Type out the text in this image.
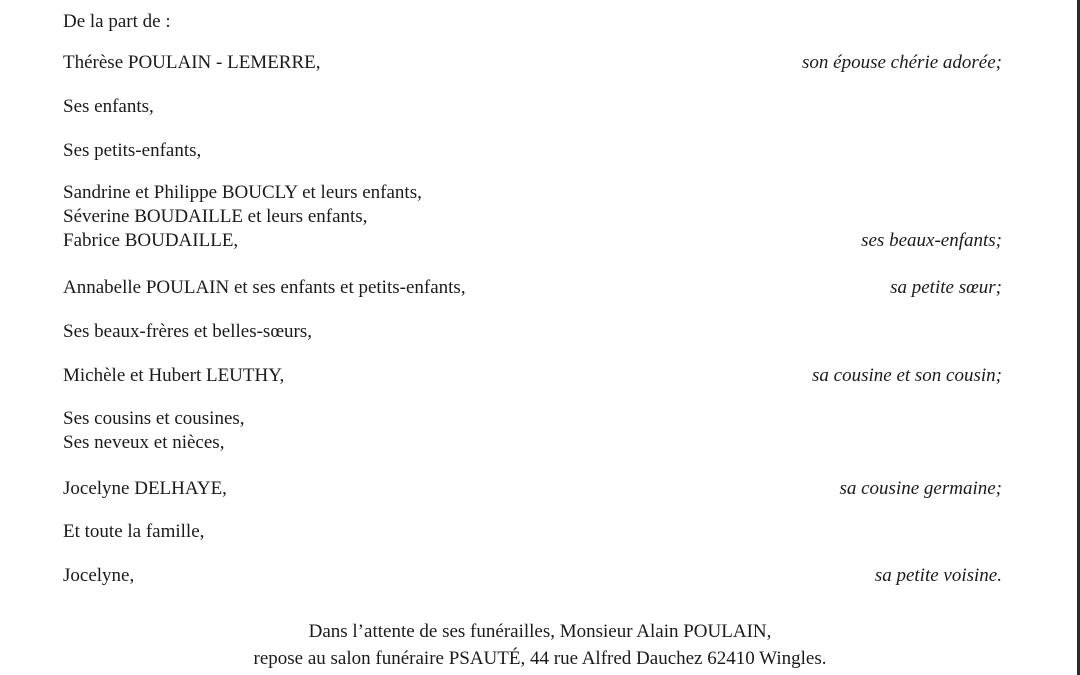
De la part de :
Thérèse POULAIN - LEMERRE,	son épouse chérie adorée;
Ses enfants,
Ses petits-enfants,
Sandrine et Philippe BOUCLY et leurs enfants,
Séverine BOUDAILLE et leurs enfants,
Fabrice BOUDAILLE,	ses beaux-enfants;
Annabelle POULAIN et ses enfants et petits-enfants,	sa petite sœur;
Ses beaux-frères et belles-sœurs,
Michèle et Hubert LEUTHY,	sa cousine et son cousin;
Ses cousins et cousines,
Ses neveux et nièces,
Jocelyne DELHAYE,	sa cousine germaine;
Et toute la famille,
Jocelyne,	sa petite voisine.
Dans l’attente de ses funérailles, Monsieur Alain POULAIN,
repose au salon funéraire PSAUTÉ, 44 rue Alfred Dauchez 62410 Wingles.
